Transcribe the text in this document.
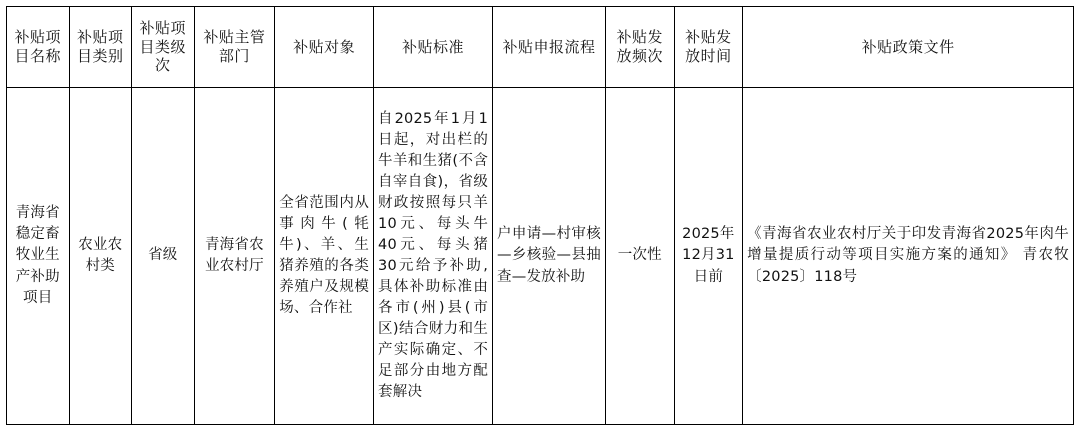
补贴项目名称	补贴项目类别	补贴项目类级次	补贴主管部门	补贴对象	补贴标准	补贴申报流程	补贴发放频次	补贴发放时间	补贴政策文件
青海省稳定畜牧业生产补助项目	农业农村类	省级	青海省农业农村厅	全省范围内从事肉牛(牦牛)、羊、生猪养殖的各类养殖户及规模场、合作社	自2025年1月1日起，对出栏的牛羊和生猪(不含自宰自食)，省级财政按照每只羊10元、每头牛40元、每头猪30元给予补助,具体补助标准由各市(州)县(市区)结合财力和生产实际确定、不足部分由地方配套解决	户申请—村审核—乡核验—县抽查—发放补助	一次性	2025年12月31日前	《青海省农业农村厅关于印发青海省2025年肉牛增量提质行动等项目实施方案的通知》 青农牧〔2025〕118号
